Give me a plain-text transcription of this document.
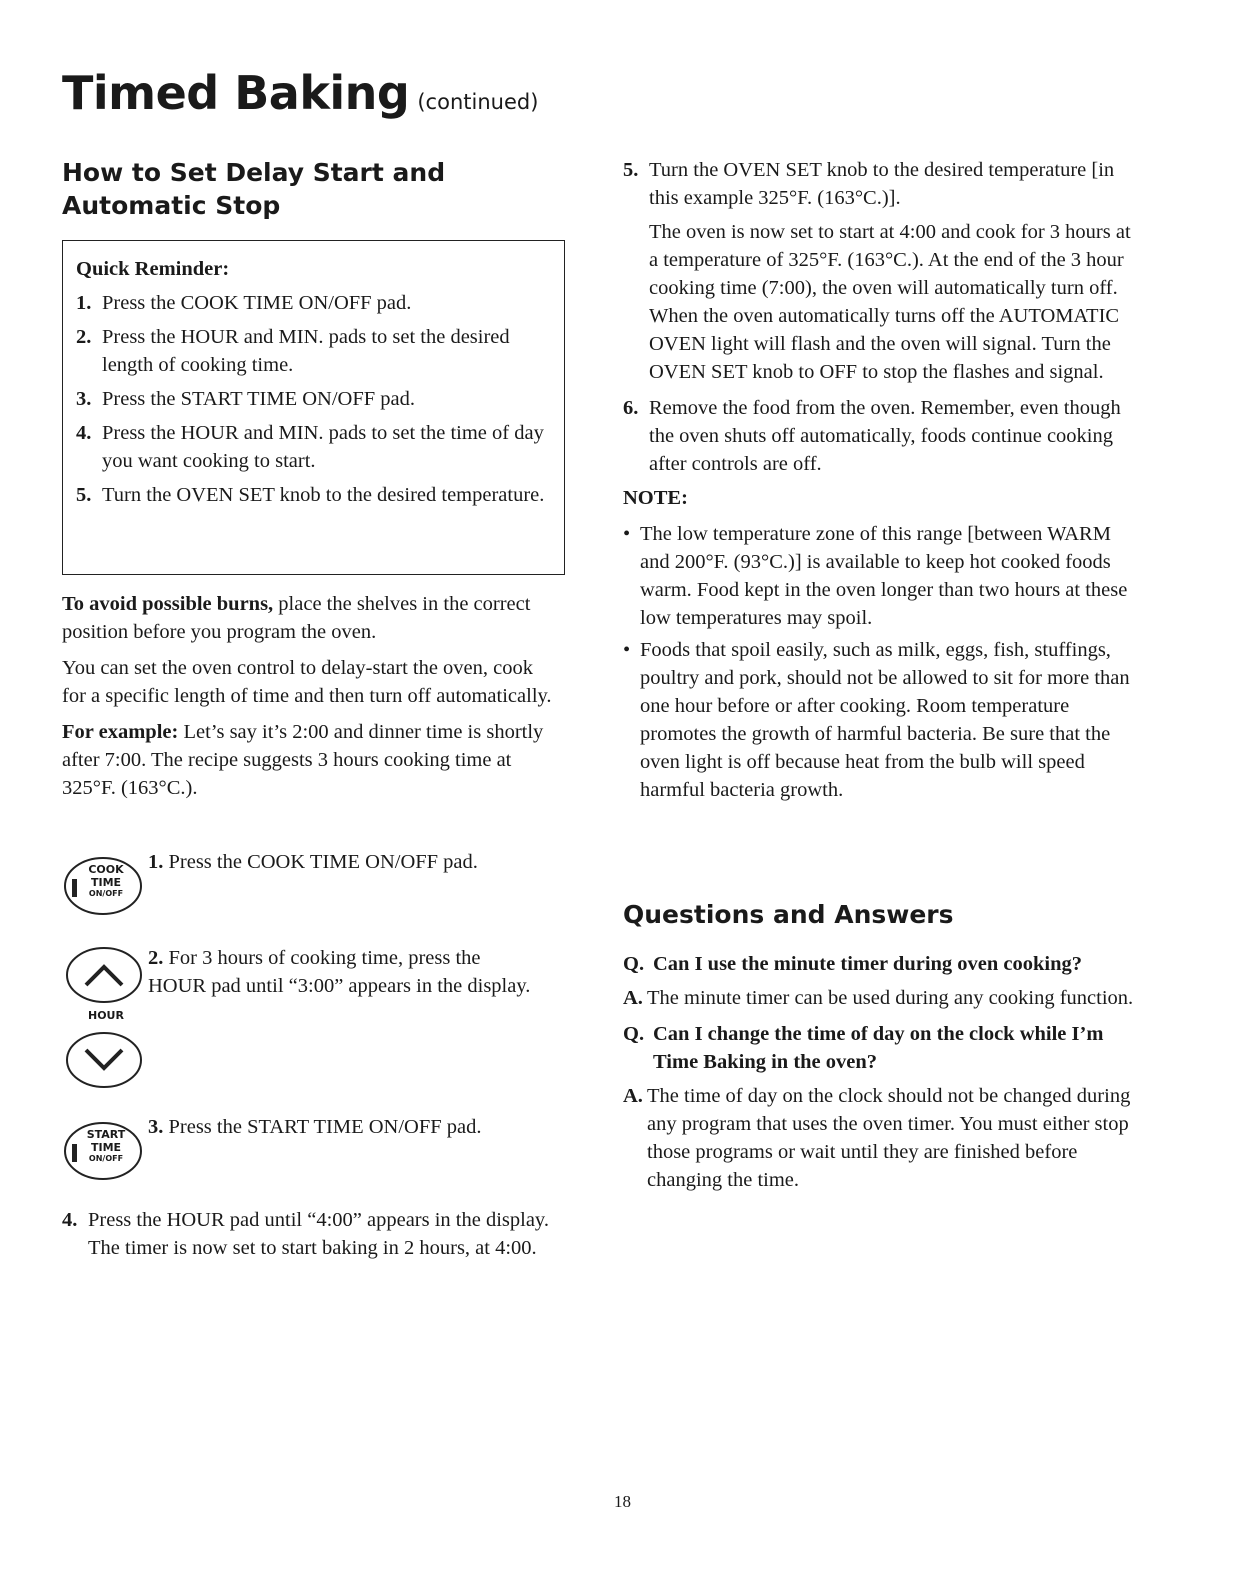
Timed Baking (continued)
How to Set Delay Start and
Automatic Stop
Quick Reminder:
1. Press the COOK TIME ON/OFF pad.
2. Press the HOUR and MIN. pads to set the desired length of cooking time.
3. Press the START TIME ON/OFF pad.
4. Press the HOUR and MIN. pads to set the time of day you want cooking to start.
5. Turn the OVEN SET knob to the desired temperature.

To avoid possible burns, place the shelves in the correct position before you program the oven.

You can set the oven control to delay-start the oven, cook for a specific length of time and then turn off automatically.

For example: Let’s say it’s 2:00 and dinner time is shortly after 7:00. The recipe suggests 3 hours cooking time at 325°F. (163°C.).

COOK
TIME
ON/OFF
1. Press the COOK TIME ON/OFF pad.
HOUR
2. For 3 hours of cooking time, press the HOUR pad until “3:00” appears in the display.
START
TIME
ON/OFF
3. Press the START TIME ON/OFF pad.
4. Press the HOUR pad until “4:00” appears in the display. The timer is now set to start baking in 2 hours, at 4:00.
5. Turn the OVEN SET knob to the desired temperature [in this example 325°F. (163°C.)].

The oven is now set to start at 4:00 and cook for 3 hours at a temperature of 325°F. (163°C.). At the end of the 3 hour cooking time (7:00), the oven will automatically turn off. When the oven automatically turns off the AUTOMATIC OVEN light will flash and the oven will signal. Turn the OVEN SET knob to OFF to stop the flashes and signal.

6. Remove the food from the oven. Remember, even though the oven shuts off automatically, foods continue cooking after controls are off.

NOTE:

• The low temperature zone of this range [between WARM and 200°F. (93°C.)] is available to keep hot cooked foods warm. Food kept in the oven longer than two hours at these low temperatures may spoil.
• Foods that spoil easily, such as milk, eggs, fish, stuffings, poultry and pork, should not be allowed to sit for more than one hour before or after cooking. Room temperature promotes the growth of harmful bacteria. Be sure that the oven light is off because heat from the bulb will speed harmful bacteria growth.
Questions and Answers
Q. Can I use the minute timer during oven cooking?
A. The minute timer can be used during any cooking function.
Q. Can I change the time of day on the clock while I’m Time Baking in the oven?
A. The time of day on the clock should not be changed during any program that uses the oven timer. You must either stop those programs or wait until they are finished before changing the time.
18
